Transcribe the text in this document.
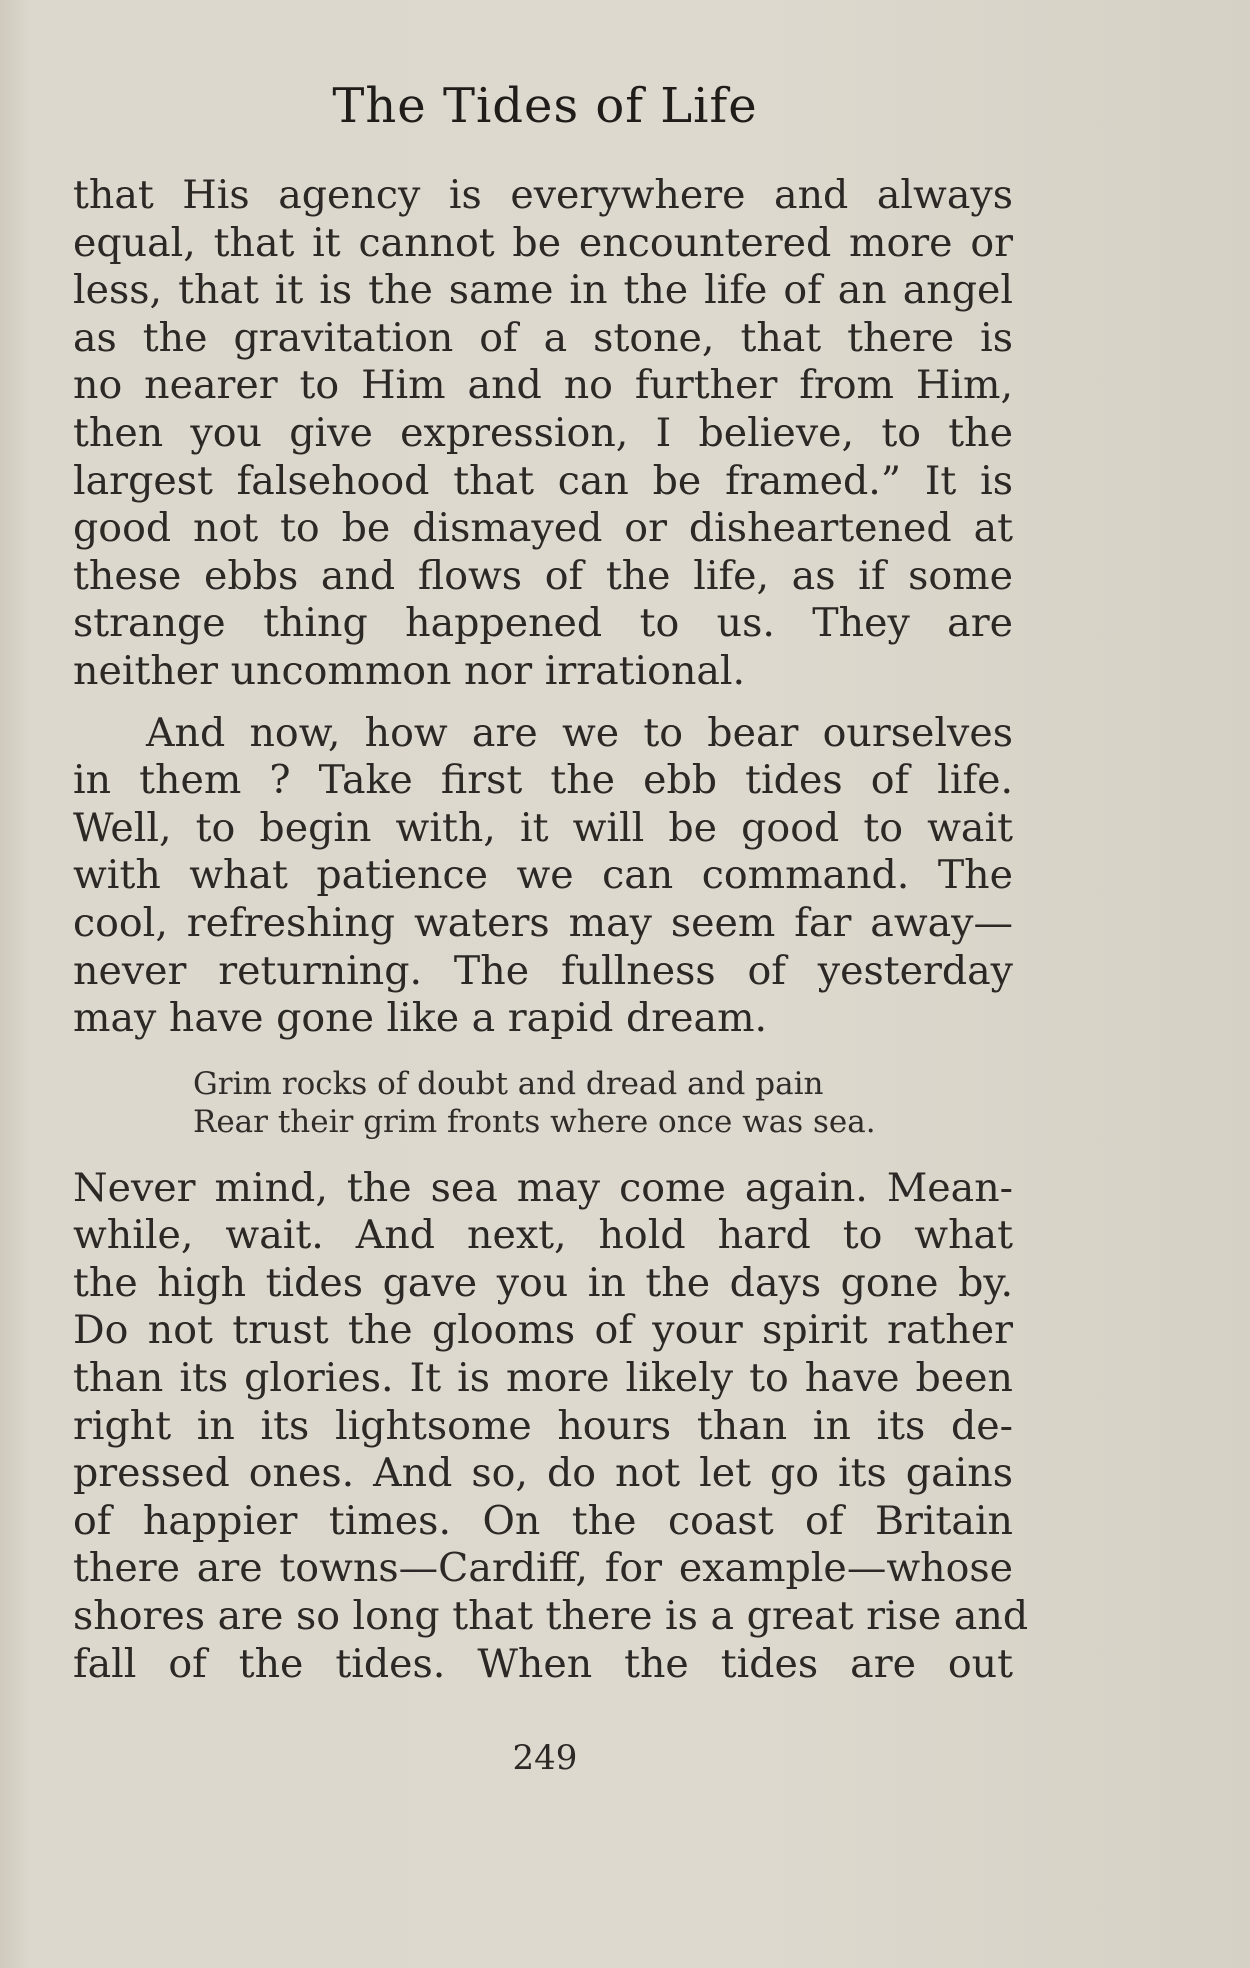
The Tides of Life
that His agency is everywhere and always
equal, that it cannot be encountered more or
less, that it is the same in the life of an angel
as the gravitation of a stone, that there is
no nearer to Him and no further from Him,
then you give expression, I believe, to the
largest falsehood that can be framed.” It is
good not to be dismayed or disheartened at
these ebbs and flows of the life, as if some
strange thing happened to us. They are
neither uncommon nor irrational.
And now, how are we to bear ourselves
in them ? Take first the ebb tides of life.
Well, to begin with, it will be good to wait
with what patience we can command. The
cool, refreshing waters may seem far away—
never returning. The fullness of yesterday
may have gone like a rapid dream.
Grim rocks of doubt and dread and pain
Rear their grim fronts where once was sea.
Never mind, the sea may come again. Mean-
while, wait. And next, hold hard to what
the high tides gave you in the days gone by.
Do not trust the glooms of your spirit rather
than its glories. It is more likely to have been
right in its lightsome hours than in its de-
pressed ones. And so, do not let go its gains
of happier times. On the coast of Britain
there are towns—Cardiff, for example—whose
shores are so long that there is a great rise and
fall of the tides. When the tides are out
249
